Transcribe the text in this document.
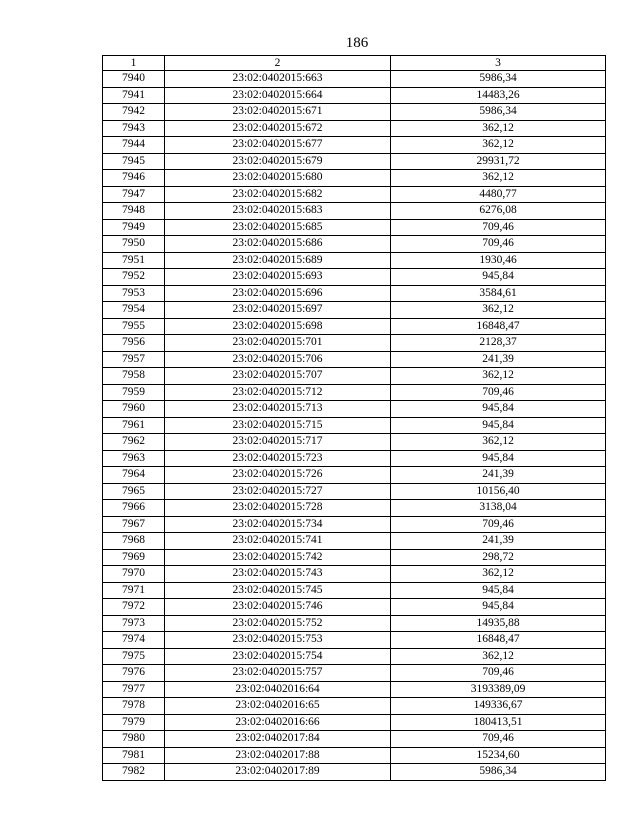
186
1	2	3
7940	23:02:0402015:663	5986,34
7941	23:02:0402015:664	14483,26
7942	23:02:0402015:671	5986,34
7943	23:02:0402015:672	362,12
7944	23:02:0402015:677	362,12
7945	23:02:0402015:679	29931,72
7946	23:02:0402015:680	362,12
7947	23:02:0402015:682	4480,77
7948	23:02:0402015:683	6276,08
7949	23:02:0402015:685	709,46
7950	23:02:0402015:686	709,46
7951	23:02:0402015:689	1930,46
7952	23:02:0402015:693	945,84
7953	23:02:0402015:696	3584,61
7954	23:02:0402015:697	362,12
7955	23:02:0402015:698	16848,47
7956	23:02:0402015:701	2128,37
7957	23:02:0402015:706	241,39
7958	23:02:0402015:707	362,12
7959	23:02:0402015:712	709,46
7960	23:02:0402015:713	945,84
7961	23:02:0402015:715	945,84
7962	23:02:0402015:717	362,12
7963	23:02:0402015:723	945,84
7964	23:02:0402015:726	241,39
7965	23:02:0402015:727	10156,40
7966	23:02:0402015:728	3138,04
7967	23:02:0402015:734	709,46
7968	23:02:0402015:741	241,39
7969	23:02:0402015:742	298,72
7970	23:02:0402015:743	362,12
7971	23:02:0402015:745	945,84
7972	23:02:0402015:746	945,84
7973	23:02:0402015:752	14935,88
7974	23:02:0402015:753	16848,47
7975	23:02:0402015:754	362,12
7976	23:02:0402015:757	709,46
7977	23:02:0402016:64	3193389,09
7978	23:02:0402016:65	149336,67
7979	23:02:0402016:66	180413,51
7980	23:02:0402017:84	709,46
7981	23:02:0402017:88	15234,60
7982	23:02:0402017:89	5986,34
